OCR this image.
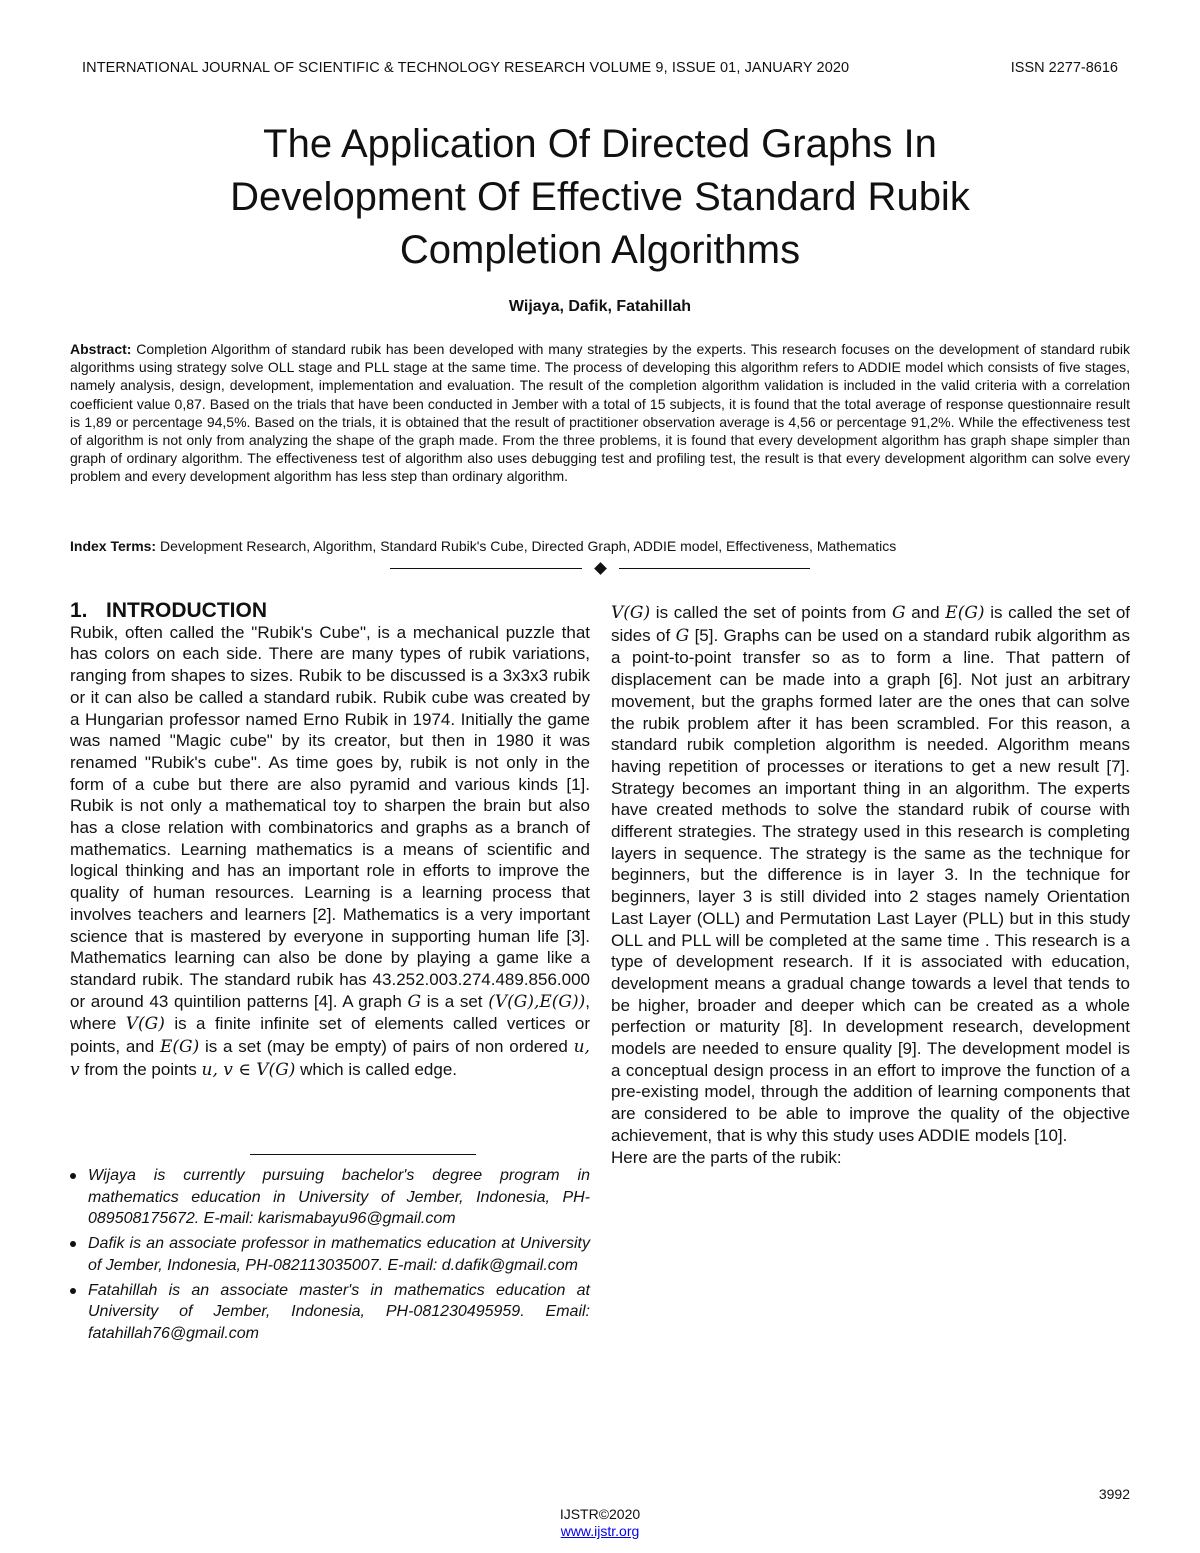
INTERNATIONAL JOURNAL OF SCIENTIFIC & TECHNOLOGY RESEARCH VOLUME 9, ISSUE 01, JANUARY 2020	ISSN 2277-8616
The Application Of Directed Graphs In
Development Of Effective Standard Rubik
Completion Algorithms
Wijaya, Dafik, Fatahillah

Abstract: Completion Algorithm of standard rubik has been developed with many strategies by the experts. This research focuses on the development of standard rubik algorithms using strategy solve OLL stage and PLL stage at the same time. The process of developing this algorithm refers to ADDIE model which consists of five stages, namely analysis, design, development, implementation and evaluation. The result of the completion algorithm validation is included in the valid criteria with a correlation coefficient value 0,87. Based on the trials that have been conducted in Jember with a total of 15 subjects, it is found that the total average of response questionnaire result is 1,89 or percentage 94,5%. Based on the trials, it is obtained that the result of practitioner observation average is 4,56 or percentage 91,2%. While the effectiveness test of algorithm is not only from analyzing the shape of the graph made. From the three problems, it is found that every development algorithm has graph shape simpler than graph of ordinary algorithm. The effectiveness test of algorithm also uses debugging test and profiling test, the result is that every development algorithm can solve every problem and every development algorithm has less step than ordinary algorithm.

Index Terms: Development Research, Algorithm, Standard Rubik's Cube, Directed Graph, ADDIE model, Effectiveness, Mathematics
1. INTRODUCTION

Rubik, often called the "Rubik's Cube", is a mechanical puzzle that has colors on each side. There are many types of rubik variations, ranging from shapes to sizes. Rubik to be discussed is a 3x3x3 rubik or it can also be called a standard rubik. Rubik cube was created by a Hungarian professor named Erno Rubik in 1974. Initially the game was named "Magic cube" by its creator, but then in 1980 it was renamed "Rubik's cube". As time goes by, rubik is not only in the form of a cube but there are also pyramid and various kinds [1]. Rubik is not only a mathematical toy to sharpen the brain but also has a close relation with combinatorics and graphs as a branch of mathematics. Learning mathematics is a means of scientific and logical thinking and has an important role in efforts to improve the quality of human resources. Learning is a learning process that involves teachers and learners [2]. Mathematics is a very important science that is mastered by everyone in supporting human life [3]. Mathematics learning can also be done by playing a game like a standard rubik. The standard rubik has 43.252.003.274.489.856.000 or around 43 quintilion patterns [4]. A graph G is a set (V(G),E(G)), where V(G) is a finite infinite set of elements called vertices or points, and E(G) is a set (may be empty) of pairs of non ordered u, v from the points u, v ∈ V(G) which is called edge.

Wijaya is currently pursuing bachelor's degree program in mathematics education in University of Jember, Indonesia, PH-089508175672. E-mail: karismabayu96@gmail.com
Dafik is an associate professor in mathematics education at University of Jember, Indonesia, PH-082113035007. E-mail: d.dafik@gmail.com
Fatahillah is an associate master's in mathematics education at University of Jember, Indonesia, PH-081230495959. Email: fatahillah76@gmail.com

V(G) is called the set of points from G and E(G) is called the set of sides of G [5]. Graphs can be used on a standard rubik algorithm as a point-to-point transfer so as to form a line. That pattern of displacement can be made into a graph [6]. Not just an arbitrary movement, but the graphs formed later are the ones that can solve the rubik problem after it has been scrambled. For this reason, a standard rubik completion algorithm is needed. Algorithm means having repetition of processes or iterations to get a new result [7]. Strategy becomes an important thing in an algorithm. The experts have created methods to solve the standard rubik of course with different strategies. The strategy used in this research is completing layers in sequence. The strategy is the same as the technique for beginners, but the difference is in layer 3. In the technique for beginners, layer 3 is still divided into 2 stages namely Orientation Last Layer (OLL) and Permutation Last Layer (PLL) but in this study OLL and PLL will be completed at the same time . This research is a type of development research. If it is associated with education, development means a gradual change towards a level that tends to be higher, broader and deeper which can be created as a whole perfection or maturity [8]. In development research, development models are needed to ensure quality [9]. The development model is a conceptual design process in an effort to improve the function of a pre-existing model, through the addition of learning components that are considered to be able to improve the quality of the objective achievement, that is why this study uses ADDIE models [10].

Here are the parts of the rubik:

3992
IJSTR©2020
www.ijstr.org
